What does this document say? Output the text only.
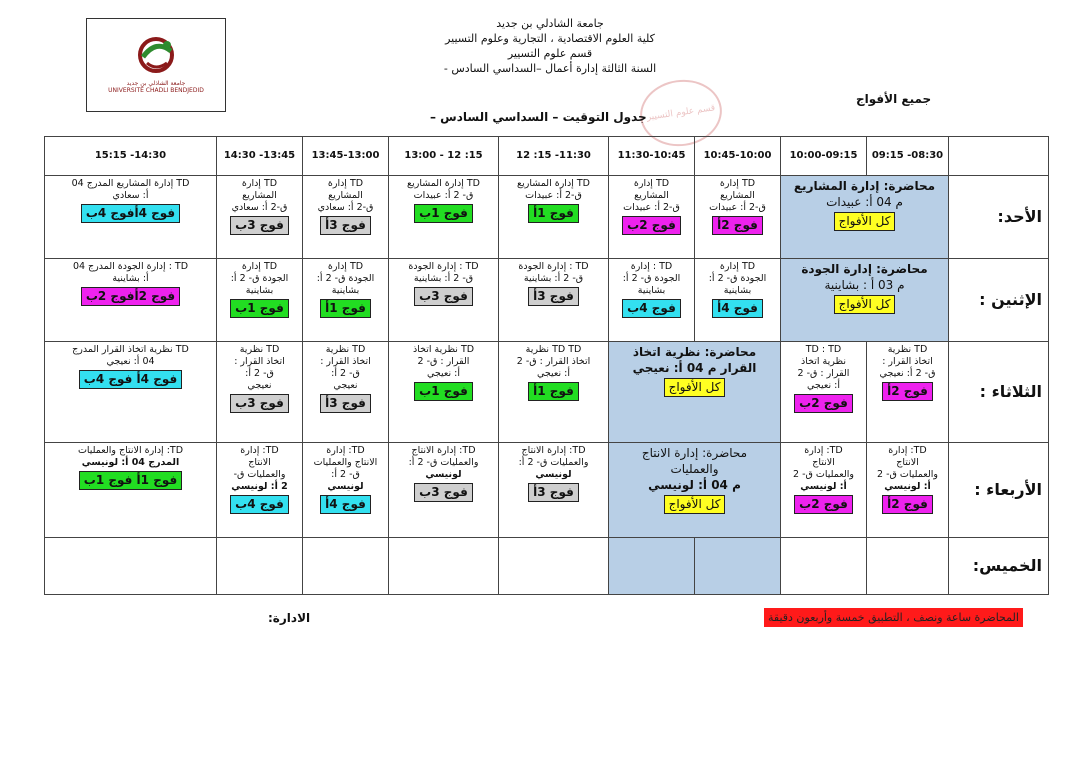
جامعة الشاذلي بن جديد
UNIVERSITE CHADLI BENDJEDID
جامعة الشادلي بن جديد
كلية العلوم الاقتصادية ، التجارية وعلوم التسيير
قسم علوم التسيير
السنة الثالثة إدارة أعمال –السداسي السادس -
قسم علوم التسيير
جميع الأفواج
جدول التوقيت – السداسي السادس –
	09:15 -08:30	10:00-09:15	10:45-10:00	11:30-10:45	12 :15 -11:30	13:00 - 12 :15	13:45-13:00	14:30 -13:45	15:15 -14:30
الأحد:	محاضرة: إدارة المشاريع
م 04 أ: عبيدات
كل الأفواج		TD إدارة
المشاريع
ق-2 أ: عبيدات
فوج 2أ	TD إدارة
المشاريع
ق-2 أ: عبيدات
فوج 2ب	TD إدارة المشاريع
ق-2 أ: عبيدات
فوج 1أ	TD إدارة المشاريع
ق- 2 أ: عبيدات
فوج 1ب	TD إدارة
المشاريع
ق-2 أ: سعادي
فوج 3أ	TD إدارة
المشاريع
ق-2 أ: سعادي
فوج 3ب	TD إدارة المشاريع المدرج 04
أ: سعادي
فوج 4أفوج 4ب
الإثنين :	محاضرة: إدارة الجودة
م 03 أ : بشاينية
كل الأفواج		TD إدارة
الجودة ق- 2 أ:
بشاينية
فوج 4أ	TD : إدارة
الجودة ق- 2 أ:
بشاينية
فوج 4ب	TD : إدارة الجودة
ق- 2 أ: بشاينية
فوج 3أ	TD : إدارة الجودة
ق- 2 أ: بشاينية
فوج 3ب	TD إدارة
الجودة ق- 2 أ:
بشاينية
فوج 1أ	TD إدارة
الجودة ق- 2 أ:
بشاينية
فوج 1ب	TD : إدارة الجودة المدرج 04
أ: بشاينية
فوج 2أفوج 2ب
الثلاثاء :	TD نظرية
اتخاذ القرار :
ق- 2 أ: نعيجي
فوج 2أ	TD : TD
نظرية اتخاذ
القرار : ق- 2
أ: نعيجي
فوج 2ب	محاضرة: نظرية اتخاذ
القرار م 04 أ: نعيجي
كل الأفواج		TD TD نظرية
اتخاذ القرار : ق- 2
أ: نعيجي
فوج 1أ	TD نظرية اتخاذ
القرار : ق- 2
أ: نعيجي
فوج 1ب	TD نظرية
اتخاذ القرار :
ق- 2 أ:
نعيجي
فوج 3أ	TD نظرية
اتخاذ القرار :
ق- 2 أ:
نعيجي
فوج 3ب	TD نظرية اتخاذ القرار المدرج
04 أ: نعيجي
فوج 4أ فوج 4ب
الأربعاء :	TD: إدارة
الانتاج
والعمليات ق- 2
أ: لونيسي
فوج 2أ	TD: إدارة
الانتاج
والعمليات ق- 2
أ: لونيسي
فوج 2ب	محاضرة: إدارة الانتاج
والعمليات
م 04 أ: لونيسي
كل الأفواج		TD: إدارة الانتاج
والعمليات ق- 2 أ:
لونيسي
فوج 3أ	TD: إدارة الانتاج
والعمليات ق- 2 أ:
لونيسي
فوج 3ب	TD: إدارة
الانتاج والعمليات
ق- 2 أ:
لونيسي
فوج 4أ	TD: إدارة
الانتاج
والعمليات ق-
2 أ: لونيسي
فوج 4ب	TD: إدارة الانتاج والعمليات
المدرج 04 أ: لونيسي
فوج 1أ فوج 1ب
الخميس:									
المحاضرة ساعة ونصف ، التطبيق خمسة وأربعون دقيقة
الادارة:
